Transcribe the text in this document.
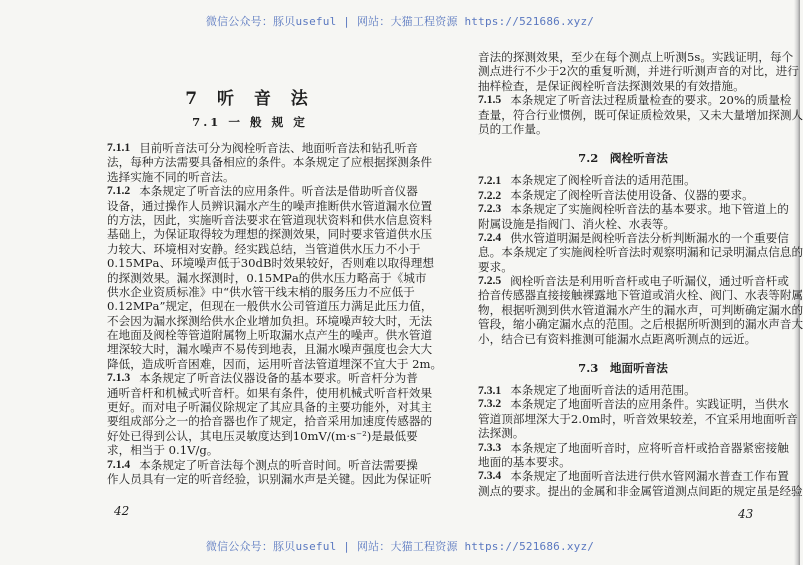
微信公众号：豚贝useful | 网站：大猫工程资源 https://521686.xyz/
微信公众号：豚贝useful | 网站：大猫工程资源 https://521686.xyz/
7 听 音 法
7.1 一 般 规 定
7.1.1 目 前 听 音 法 可 分 为 阀 栓 听 音 法 、 地 面 听 音 法 和 钻 孔 听 音
法 ， 每 种 方 法 需 要 具 备 相 应 的 条 件 。 本 条 规 定 了 应 根 据 探 测 条 件
选择实施不同的听音法。
7.1.2 本 条 规 定 了 听 音 法 的 应 用 条 件 。 听 音 法 是 借 助 听 音 仪 器
设 备 ， 通 过 操 作 人 员 辨 识 漏 水 产 生 的 噪 声 推 断 供 水 管 道 漏 水 位 置
的 方 法 ， 因 此 ， 实 施 听 音 法 要 求 在 管 道 现 状 资 料 和 供 水 信 息 资 料
基 础 上 ， 为 保 证 取 得 较 为 理 想 的 探 测 效 果 ， 同 时 要 求 管 道 供 水 压
力 较 大 、 环 境 相 对 安 静 。 经 实 践 总 结 ， 当 管 道 供 水 压 力 不 小 于
0 . 1 5 M P a 、 环 境 噪 声 低 于 3 0 d B 时 效 果 较 好 ， 否 则 难 以 取 得 理 想
的 探 测 效 果 。 漏 水 探 测 时 ， 0 . 1 5 M P a 的 供 水 压 力 略 高 于 《 城 市
供 水 企 业 资 质 标 准 》 中 “ 供 水 管 干 线 末 梢 的 服 务 压 力 不 应 低 于
0 . 1 2 M P a ” 规 定 ， 但 现 在 一 般 供 水 公 司 管 道 压 力 满 足 此 压 力 值 ，
不 会 因 为 漏 水 探 测 给 供 水 企 业 增 加 负 担 。 环 境 噪 声 较 大 时 ， 无 法
在 地 面 及 阀 栓 等 管 道 附 属 物 上 听 取 漏 水 点 产 生 的 噪 声 。 供 水 管 道
埋 深 较 大 时 ， 漏 水 噪 声 不 易 传 到 地 表 ， 且 漏 水 噪 声 强 度 也 会 大 大
降低，造成听音困难，因而，运用听音法管道埋深不宜大于 2m。
7.1.3 本 条 规 定 了 听 音 法 仪 器 设 备 的 基 本 要 求 。 听 音 杆 分 为 普
通 听 音 杆 和 机 械 式 听 音 杆 。 如 果 有 条 件 ， 使 用 机 械 式 听 音 杆 效 果
更 好 。 而 对 电 子 听 漏 仪 除 规 定 了 其 应 具 备 的 主 要 功 能 外 ， 对 其 主
要 组 成 部 分 之 一 的 拾 音 器 也 作 了 规 定 ， 拾 音 采 用 加 速 度 传 感 器 的
好 处 已 得 到 公 认 ， 其 电 压 灵 敏 度 达 到 1 0 m V / ( m · s ⁻ ² ) 是 最 低 要
求，相当于 0.1V/g。
7.1.4 本 条 规 定 了 听 音 法 每 个 测 点 的 听 音 时 间 。 听 音 法 需 要 操
作人员具有一定的听音经验，识别漏水声是关键。因此为保证听
音 法 的 探 测 效 果 ， 至 少 在 每 个 测 点 上 听 测 5 s 。 实 践 证 明 ， 每 个
测 点 进 行 不 少 于 2 次 的 重 复 听 测 ， 并 进 行 听 测 声 音 的 对 比 ， 进 行
抽样检查，是保证阀栓听音法探测效果的有效措施。
7.1.5 本 条 规 定 了 听 音 法 过 程 质 量 检 查 的 要 求 。 2 0 % 的 质 量 检
查 量 ， 符 合 行 业 惯 例 ， 既 可 保 证 质 检 效 果 ， 又 未 大 量 增 加 探 测 人
员的工作量。
7.2　阀栓听音法
7.2.1 本条规定了阀栓听音法的适用范围。
7.2.2 本条规定了阀栓听音法使用设备、仪器的要求。
7.2.3 本 条 规 定 了 实 施 阀 栓 听 音 法 的 基 本 要 求 。 地 下 管 道 上 的
附属设施是指阀门、消火栓、水表等。
7.2.4 供 水 管 道 明 漏 是 阀 栓 听 音 法 分 析 判 断 漏 水 的 一 个 重 要 信
息 。 本 条 规 定 了 实 施 阀 栓 听 音 法 时 观 察 明 漏 和 记 录 明 漏 点 信 息 的
要求。
7.2.5 阀 栓 听 音 法 是 利 用 听 音 杆 或 电 子 听 漏 仪 ， 通 过 听 音 杆 或
拾 音 传 感 器 直 接 接 触 裸 露 地 下 管 道 或 消 火 栓 、 阀 门 、 水 表 等 附 属
物 ， 根 据 听 测 到 供 水 管 道 漏 水 产 生 的 漏 水 声 ， 可 判 断 确 定 漏 水 的
管 段 ， 缩 小 确 定 漏 水 点 的 范 围 。 之 后 根 据 所 听 测 到 的 漏 水 声 音 大
小，结合已有资料推测可能漏水点距离听测点的远近。
7.3　地面听音法
7.3.1 本条规定了地面听音法的适用范围。
7.3.2 本 条 规 定 了 地 面 听 音 法 的 应 用 条 件 。 实 践 证 明 ， 当 供 水
管 道 顶 部 埋 深 大 于 2 . 0 m 时 ， 听 音 效 果 较 差 ， 不 宜 采 用 地 面 听 音
法探测。
7.3.3 本 条 规 定 了 地 面 听 音 时 ， 应 将 听 音 杆 或 拾 音 器 紧 密 接 触
地面的基本要求。
7.3.4 本 条 规 定 了 地 面 听 音 法 进 行 供 水 管 网 漏 水 普 查 工 作 布 置
测点的要求。提出的金属和非金属管道测点间距的规定虽是经验
42	43
